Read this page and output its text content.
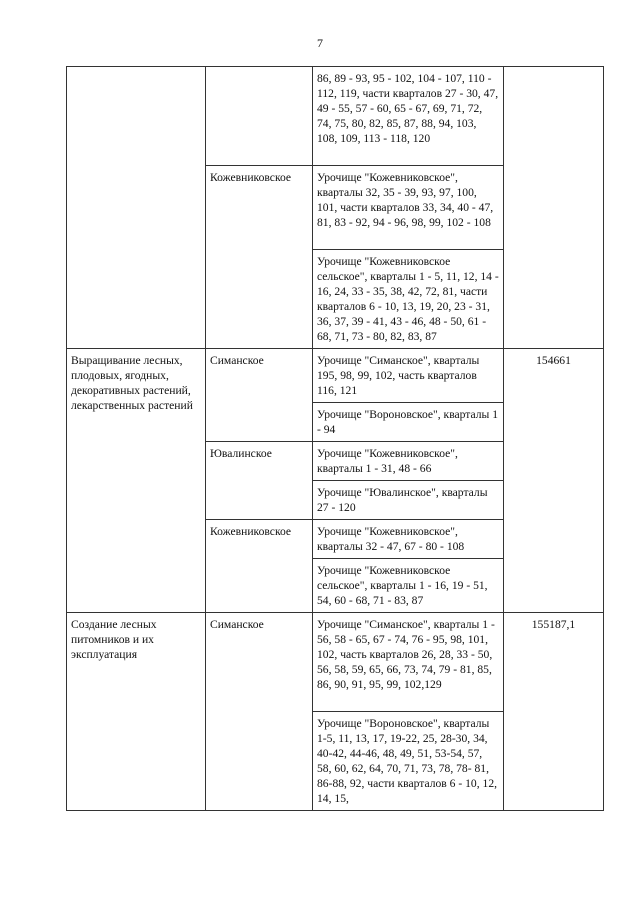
7
		86, 89 - 93, 95 - 102, 104 - 107, 110 - 112, 119, части кварталов 27 - 30, 47, 49 - 55, 57 - 60, 65 - 67, 69, 71, 72, 74, 75, 80, 82, 85, 87, 88, 94, 103, 108, 109, 113 - 118, 120	
	Кожевниковское	Урочище "Кожевниковское", кварталы 32, 35 - 39, 93, 97, 100, 101, части кварталов 33, 34, 40 - 47, 81, 83 - 92, 94 - 96, 98, 99, 102 - 108	
		Урочище "Кожевниковское сельское", кварталы 1 - 5, 11, 12, 14 - 16, 24, 33 - 35, 38, 42, 72, 81, части кварталов 6 - 10, 13, 19, 20, 23 - 31, 36, 37, 39 - 41, 43 - 46, 48 - 50, 61 - 68, 71, 73 - 80, 82, 83, 87	
Выращивание лесных, плодовых, ягодных, декоративных растений, лекарственных растений	Симанское	Урочище "Симанское", кварталы 195, 98, 99, 102, часть кварталов 116, 121	154661
		Урочище "Вороновское", кварталы 1 - 94	
	Ювалинское	Урочище "Кожевниковское", кварталы 1 - 31, 48 - 66	
		Урочище "Ювалинское", кварталы 27 - 120	
	Кожевниковское	Урочище "Кожевниковское", кварталы 32 - 47, 67 - 80 - 108	
		Урочище "Кожевниковское сельское", кварталы 1 - 16, 19 - 51, 54, 60 - 68, 71 - 83, 87	
Создание лесных питомников и их эксплуатация	Симанское	Урочище "Симанское", кварталы 1 - 56, 58 - 65, 67 - 74, 76 - 95, 98, 101, 102, часть кварталов 26, 28, 33 - 50, 56, 58, 59, 65, 66, 73, 74, 79 - 81, 85, 86, 90, 91, 95, 99, 102,129	155187,1
		Урочище "Вороновское", кварталы 1-5, 11, 13, 17, 19-22, 25, 28-30, 34, 40-42, 44-46, 48, 49, 51, 53-54, 57, 58, 60, 62, 64, 70, 71, 73, 78, 78- 81, 86-88, 92, части кварталов 6 - 10, 12, 14, 15,	
